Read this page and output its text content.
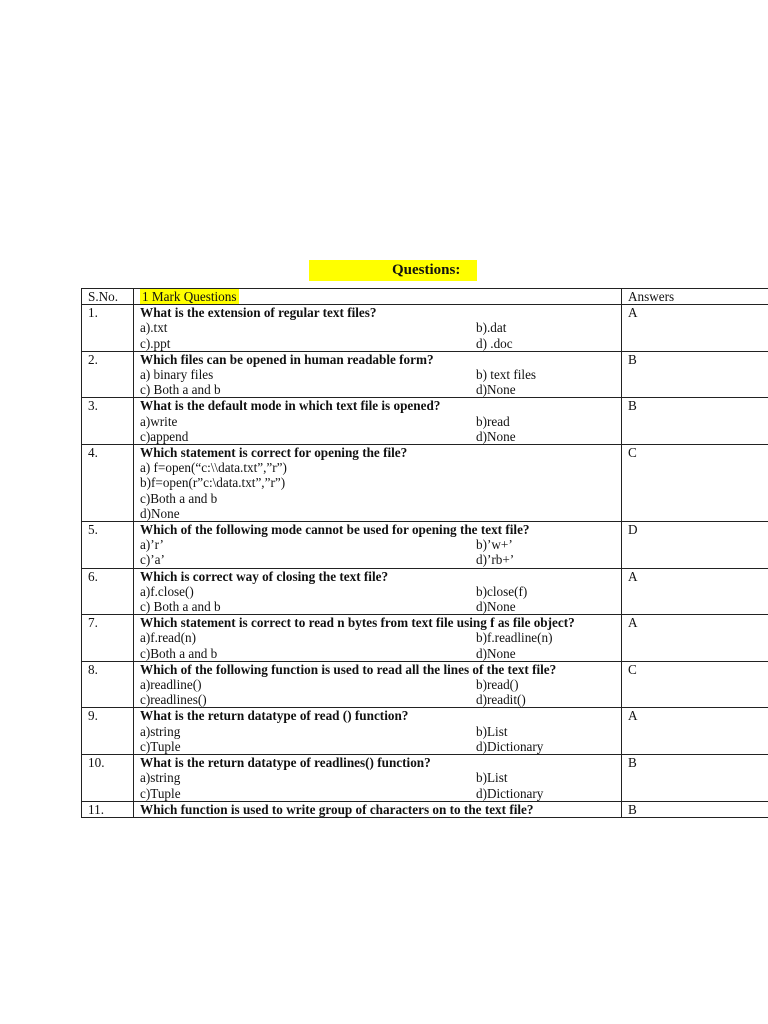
Questions:
S.No.	1 Mark Questions	Answers
1.	What is the extension of regular text files?
a).txt b).dat
c).ppt d) .doc	A
2.	Which files can be opened in human readable form?
a) binary files b) text files
c) Both a and b d)None	B
3.	What is the default mode in which text file is opened?
a)write b)read
c)append d)None	B
4.	Which statement is correct for opening the file?
a) f=open(“c:\\data.txt”,”r”)
b)f=open(r”c:\data.txt”,”r”)
c)Both a and b
d)None	C
5.	Which of the following mode cannot be used for opening the text file?
a)’r’ b)’w+’
c)’a’ d)’rb+’	D
6.	Which is correct way of closing the text file?
a)f.close() b)close(f)
c) Both a and b d)None	A
7.	Which statement is correct to read n bytes from text file using f as file object?
a)f.read(n) b)f.readline(n)
c)Both a and b d)None	A
8.	Which of the following function is used to read all the lines of the text file?
a)readline() b)read()
c)readlines() d)readit()	C
9.	What is the return datatype of read () function?
a)string b)List
c)Tuple d)Dictionary	A
10.	What is the return datatype of readlines() function?
a)string b)List
c)Tuple d)Dictionary	B
11.	Which function is used to write group of characters on to the text file?	B
